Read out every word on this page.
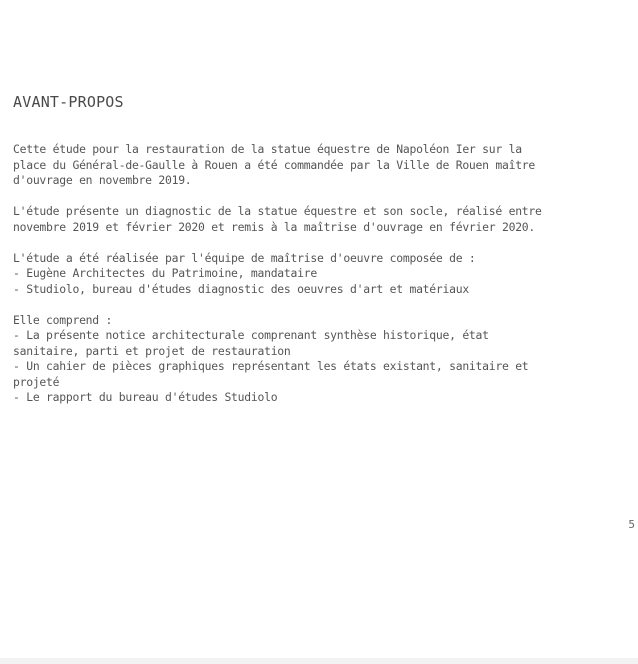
AVANT-PROPOS

Cette étude pour la restauration de la statue équestre de Napoléon Ier sur la
place du Général-de-Gaulle à Rouen a été commandée par la Ville de Rouen maître
d'ouvrage en novembre 2019.

L'étude présente un diagnostic de la statue équestre et son socle, réalisé entre
novembre 2019 et février 2020 et remis à la maîtrise d'ouvrage en février 2020.

L'étude a été réalisée par l'équipe de maîtrise d'oeuvre composée de :
- Eugène Architectes du Patrimoine, mandataire
- Studiolo, bureau d'études diagnostic des oeuvres d'art et matériaux

Elle comprend :
- La présente notice architecturale comprenant synthèse historique, état
sanitaire, parti et projet de restauration
- Un cahier de pièces graphiques représentant les états existant, sanitaire et
projeté
- Le rapport du bureau d'études Studiolo

5
